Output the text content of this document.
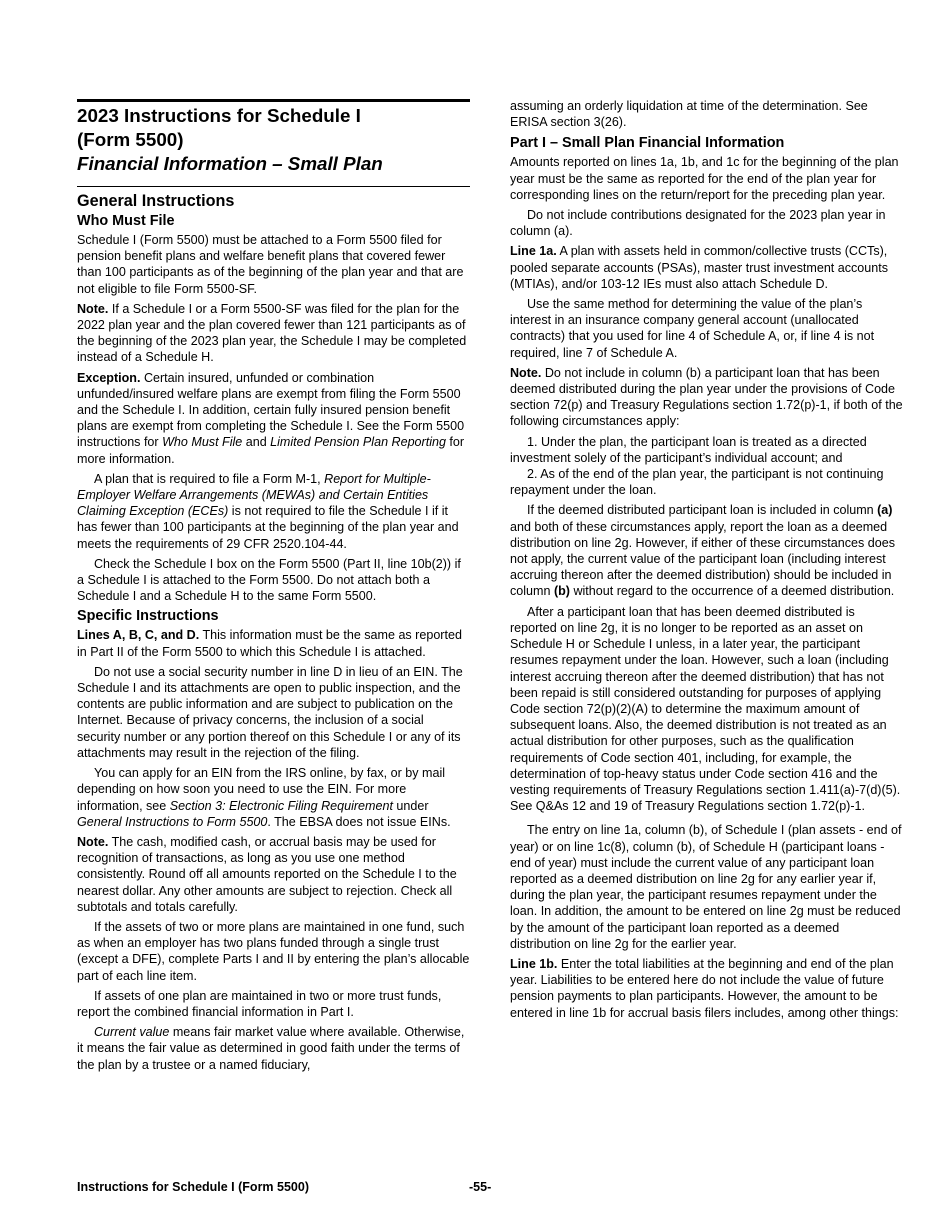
2023 Instructions for Schedule I
(Form 5500)
Financial Information – Small Plan
General Instructions
Who Must File

Schedule I (Form 5500) must be attached to a Form 5500 filed for pension benefit plans and welfare benefit plans that covered fewer than 100 participants as of the beginning of the plan year and that are not eligible to file Form 5500-SF.

Note. If a Schedule I or a Form 5500-SF was filed for the plan for the 2022 plan year and the plan covered fewer than 121 participants as of the beginning of the 2023 plan year, the Schedule I may be completed instead of a Schedule H.

Exception. Certain insured, unfunded or combination unfunded/insured welfare plans are exempt from filing the Form 5500 and the Schedule I. In addition, certain fully insured pension benefit plans are exempt from completing the Schedule I. See the Form 5500 instructions for Who Must File and Limited Pension Plan Reporting for more information.

A plan that is required to file a Form M-1, Report for Multiple-Employer Welfare Arrangements (MEWAs) and Certain Entities Claiming Exception (ECEs) is not required to file the Schedule I if it has fewer than 100 participants at the beginning of the plan year and meets the requirements of 29 CFR 2520.104-44.

Check the Schedule I box on the Form 5500 (Part II, line 10b(2)) if a Schedule I is attached to the Form 5500. Do not attach both a Schedule I and a Schedule H to the same Form 5500.

Specific Instructions

Lines A, B, C, and D. This information must be the same as reported in Part II of the Form 5500 to which this Schedule I is attached.

Do not use a social security number in line D in lieu of an EIN. The Schedule I and its attachments are open to public inspection, and the contents are public information and are subject to publication on the Internet. Because of privacy concerns, the inclusion of a social security number or any portion thereof on this Schedule I or any of its attachments may result in the rejection of the filing.

You can apply for an EIN from the IRS online, by fax, or by mail depending on how soon you need to use the EIN. For more information, see Section 3: Electronic Filing Requirement under General Instructions to Form 5500. The EBSA does not issue EINs.

Note. The cash, modified cash, or accrual basis may be used for recognition of transactions, as long as you use one method consistently. Round off all amounts reported on the Schedule I to the nearest dollar. Any other amounts are subject to rejection. Check all subtotals and totals carefully.

If the assets of two or more plans are maintained in one fund, such as when an employer has two plans funded through a single trust (except a DFE), complete Parts I and II by entering the plan’s allocable part of each line item.

If assets of one plan are maintained in two or more trust funds, report the combined financial information in Part I.

Current value means fair market value where available. Otherwise, it means the fair value as determined in good faith under the terms of the plan by a trustee or a named fiduciary,

assuming an orderly liquidation at time of the determination. See ERISA section 3(26).

Part I – Small Plan Financial Information

Amounts reported on lines 1a, 1b, and 1c for the beginning of the plan year must be the same as reported for the end of the plan year for corresponding lines on the return/report for the preceding plan year.

Do not include contributions designated for the 2023 plan year in column (a).

Line 1a. A plan with assets held in common/collective trusts (CCTs), pooled separate accounts (PSAs), master trust investment accounts (MTIAs), and/or 103-12 IEs must also attach Schedule D.

Use the same method for determining the value of the plan’s interest in an insurance company general account (unallocated contracts) that you used for line 4 of Schedule A, or, if line 4 is not required, line 7 of Schedule A.

Note. Do not include in column (b) a participant loan that has been deemed distributed during the plan year under the provisions of Code section 72(p) and Treasury Regulations section 1.72(p)-1, if both of the following circumstances apply:

1. Under the plan, the participant loan is treated as a directed investment solely of the participant’s individual account; and

2. As of the end of the plan year, the participant is not continuing repayment under the loan.

If the deemed distributed participant loan is included in column (a) and both of these circumstances apply, report the loan as a deemed distribution on line 2g. However, if either of these circumstances does not apply, the current value of the participant loan (including interest accruing thereon after the deemed distribution) should be included in column (b) without regard to the occurrence of a deemed distribution.

After a participant loan that has been deemed distributed is reported on line 2g, it is no longer to be reported as an asset on Schedule H or Schedule I unless, in a later year, the participant resumes repayment under the loan. However, such a loan (including interest accruing thereon after the deemed distribution) that has not been repaid is still considered outstanding for purposes of applying Code section 72(p)(2)(A) to determine the maximum amount of subsequent loans. Also, the deemed distribution is not treated as an actual distribution for other purposes, such as the qualification requirements of Code section 401, including, for example, the determination of top-heavy status under Code section 416 and the vesting requirements of Treasury Regulations section 1.411(a)-7(d)(5). See Q&As 12 and 19 of Treasury Regulations section 1.72(p)-1.

The entry on line 1a, column (b), of Schedule I (plan assets - end of year) or on line 1c(8), column (b), of Schedule H (participant loans - end of year) must include the current value of any participant loan reported as a deemed distribution on line 2g for any earlier year if, during the plan year, the participant resumes repayment under the loan. In addition, the amount to be entered on line 2g must be reduced by the amount of the participant loan reported as a deemed distribution on line 2g for the earlier year.

Line 1b. Enter the total liabilities at the beginning and end of the plan year. Liabilities to be entered here do not include the value of future pension payments to plan participants. However, the amount to be entered in line 1b for accrual basis filers includes, among other things:

Instructions for Schedule I (Form 5500)	-55-
